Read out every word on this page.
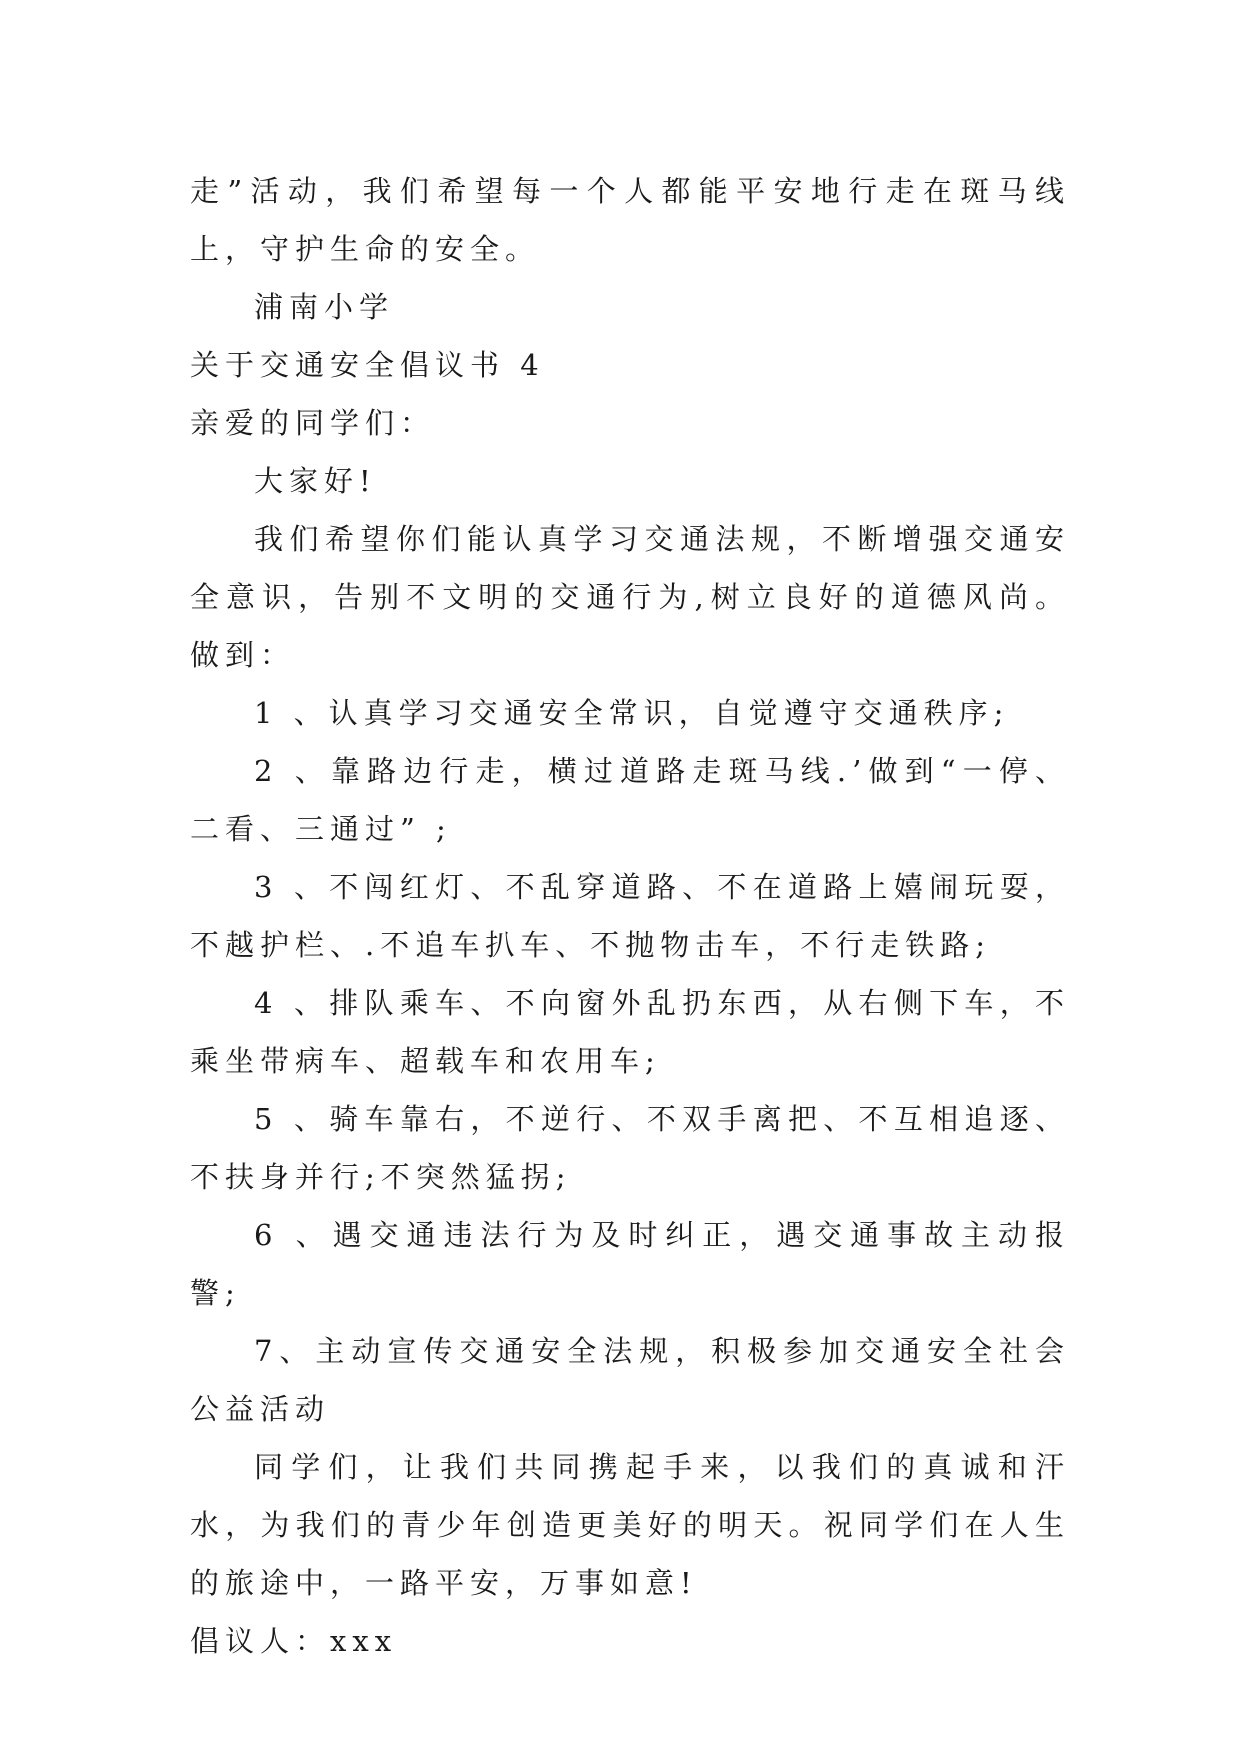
走”活动，我们希望每一个人都能平安地行走在斑马线上，守护生命的安全。

浦南小学

关于交通安全倡议书 4

亲爱的同学们：

大家好!

我们希望你们能认真学习交通法规，不断增强交通安全意识，告别不文明的交通行为,树立良好的道德风尚。做到：

1 、认真学习交通安全常识，自觉遵守交通秩序;

2 、靠路边行走，横过道路走斑马线.’做到“一停、二看、三通过” ;

3 、不闯红灯、不乱穿道路、不在道路上嬉闹玩耍，不越护栏、.不追车扒车、不抛物击车，不行走铁路;

4 、排队乘车、不向窗外乱扔东西，从右侧下车，不乘坐带病车、超载车和农用车;

5 、骑车靠右，不逆行、不双手离把、不互相追逐、不扶身并行;不突然猛拐;

6 、遇交通违法行为及时纠正，遇交通事故主动报警;

7、主动宣传交通安全法规，积极参加交通安全社会公益活动

同学们，让我们共同携起手来，以我们的真诚和汗水，为我们的青少年创造更美好的明天。祝同学们在人生的旅途中，一路平安，万事如意!

倡议人：xxx
